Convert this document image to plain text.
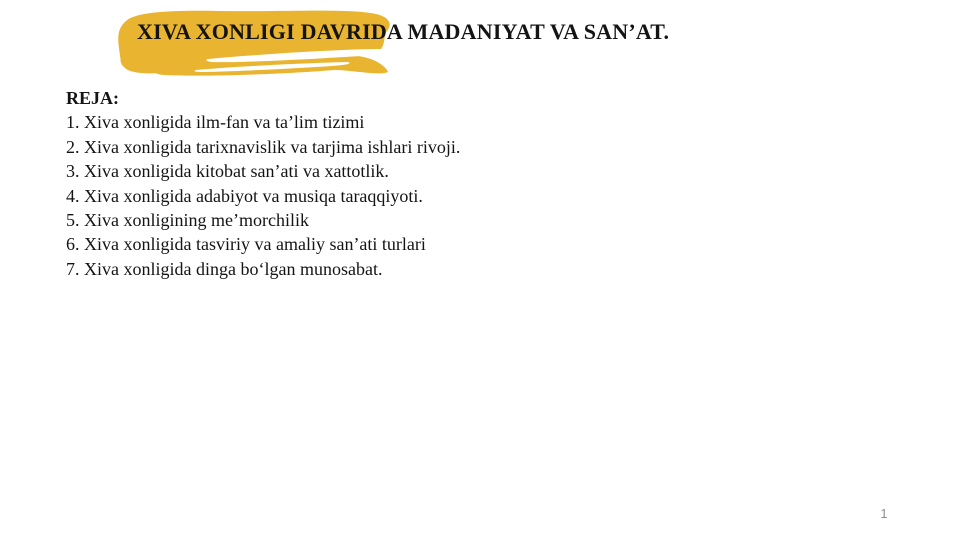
XIVA XONLIGI DAVRIDA MADANIYAT VA SAN’AT.
REJA:
1. Xiva xonligida ilm-fan va ta’lim tizimi
2. Xiva xonligida tarixnavislik va tarjima ishlari rivoji.
3. Xiva xonligida kitobat san’ati va xattotlik.
4. Xiva xonligida adabiyot va musiqa taraqqiyoti.
5. Xiva xonligining me’morchilik
6. Xiva xonligida tasviriy va amaliy san’ati turlari
7. Xiva xonligida dinga bo‘lgan munosabat.
1
